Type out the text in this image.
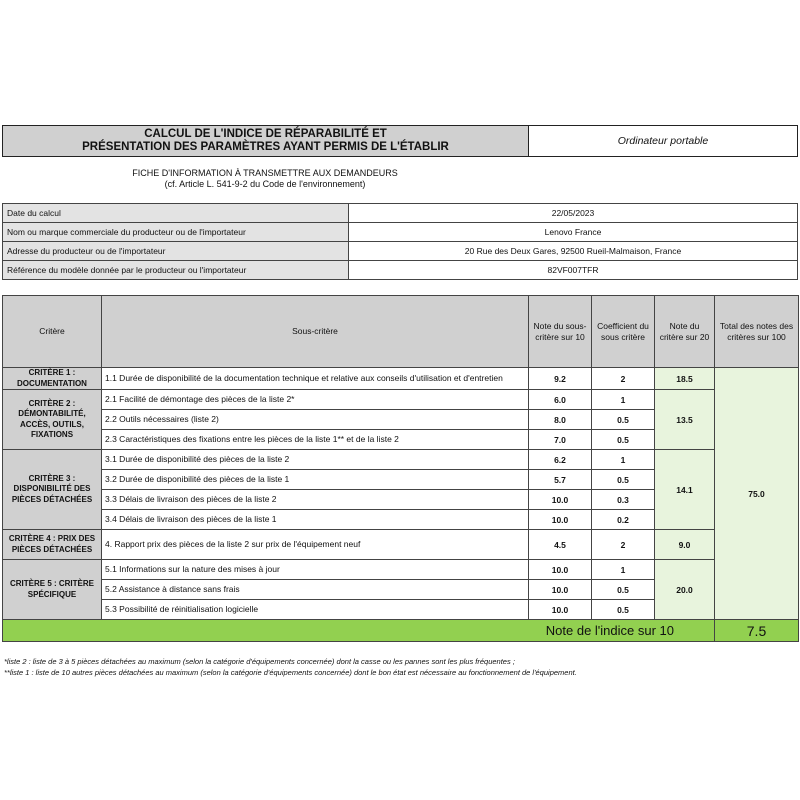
CALCUL DE L'INDICE DE RÉPARABILITÉ ET
PRÉSENTATION DES PARAMÈTRES AYANT PERMIS DE L'ÉTABLIR	Ordinateur portable
FICHE D'INFORMATION À TRANSMETTRE AUX DEMANDEURS
(cf. Article L. 541-9-2 du Code de l'environnement)
Date du calcul	22/05/2023
Nom ou marque commerciale du producteur ou de l'importateur	Lenovo France
Adresse du producteur ou de l'importateur	20 Rue des Deux Gares, 92500 Rueil-Malmaison, France
Référence du modèle donnée par le producteur ou l'importateur	82VF007TFR
Critère	Sous-critère	Note du sous-critère sur 10	Coefficient du sous critère	Note du critère sur 20	Total des notes des critères sur 100
CRITÈRE 1 : DOCUMENTATION	1.1 Durée de disponibilité de la documentation technique et relative aux conseils d'utilisation et d'entretien	9.2	2	18.5	75.0
CRITÈRE 2 : DÉMONTABILITÉ, ACCÈS, OUTILS, FIXATIONS	2.1 Facilité de démontage des pièces de la liste 2*	6.0	1	13.5	
	2.2 Outils nécessaires (liste 2)	8.0	0.5		
	2.3 Caractéristiques des fixations entre les pièces de la liste 1** et de la liste 2	7.0	0.5		
CRITÈRE 3 : DISPONIBILITÉ DES PIÈCES DÉTACHÉES	3.1 Durée de disponibilité des pièces de la liste 2	6.2	1	14.1	
	3.2 Durée de disponibilité des pièces de la liste 1	5.7	0.5		
	3.3 Délais de livraison des pièces de la liste 2	10.0	0.3		
	3.4 Délais de livraison des pièces de la liste 1	10.0	0.2		
CRITÈRE 4 : PRIX DES PIÈCES DÉTACHÉES	4. Rapport prix des pièces de la liste 2 sur prix de l'équipement neuf	4.5	2	9.0	
CRITÈRE 5 : CRITÈRE SPÉCIFIQUE	5.1 Informations sur la nature des mises à jour	10.0	1	20.0	
	5.2 Assistance à distance sans frais	10.0	0.5		
	5.3 Possibilité de réinitialisation logicielle	10.0	0.5		
Note de l'indice sur 10					7.5
*liste 2 : liste de 3 à 5 pièces détachées au maximum (selon la catégorie d'équipements concernée) dont la casse ou les pannes sont les plus fréquentes ;
**liste 1 : liste de 10 autres pièces détachées au maximum (selon la catégorie d'équipements concernée) dont le bon état est nécessaire au fonctionnement de l'équipement.
